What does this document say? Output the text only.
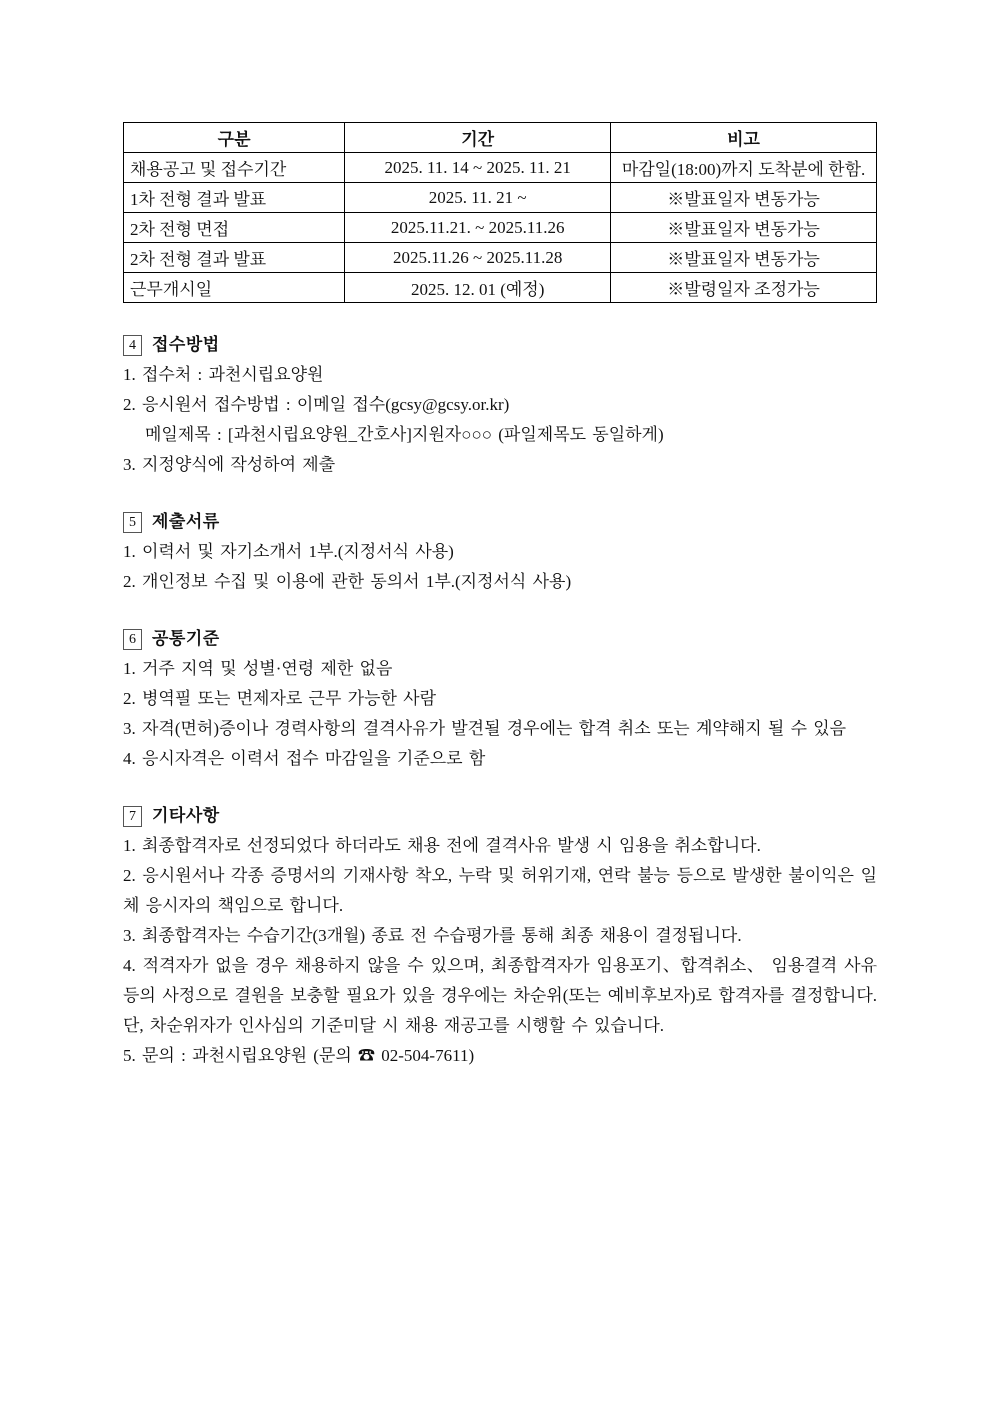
구분	기간	비고
채용공고 및 접수기간	2025. 11. 14 ~ 2025. 11. 21	마감일(18:00)까지 도착분에 한함.
1차 전형 결과 발표	2025. 11. 21 ~	※발표일자 변동가능
2차 전형 면접	2025.11.21. ~ 2025.11.26	※발표일자 변동가능
2차 전형 결과 발표	2025.11.26 ~ 2025.11.28	※발표일자 변동가능
근무개시일	2025. 12. 01 (예정)	※발령일자 조정가능
4 접수방법

1. 접수처 : 과천시립요양원

2. 응시원서 접수방법 : 이메일 접수(gcsy@gcsy.or.kr)

메일제목 : [과천시립요양원_간호사]지원자○○○ (파일제목도 동일하게)

3. 지정양식에 작성하여 제출

5 제출서류

1. 이력서 및 자기소개서 1부.(지정서식 사용)

2. 개인정보 수집 및 이용에 관한 동의서 1부.(지정서식 사용)

6 공통기준

1. 거주 지역 및 성별·연령 제한 없음

2. 병역필 또는 면제자로 근무 가능한 사람

3. 자격(면허)증이나 경력사항의 결격사유가 발견될 경우에는 합격 취소 또는 계약해지 될 수 있음

4. 응시자격은 이력서 접수 마감일을 기준으로 함

7 기타사항

1. 최종합격자로 선정되었다 하더라도 채용 전에 결격사유 발생 시 임용을 취소합니다.

2. 응시원서나 각종 증명서의 기재사항 착오, 누락 및 허위기재, 연락 불능 등으로 발생한 불이익은 일체 응시자의 책임으로 합니다.

3. 최종합격자는 수습기간(3개월) 종료 전 수습평가를 통해 최종 채용이 결정됩니다.

4. 적격자가 없을 경우 채용하지 않을 수 있으며, 최종합격자가 임용포기、합격취소、 임용결격 사유 등의 사정으로 결원을 보충할 필요가 있을 경우에는 차순위(또는 예비후보자)로 합격자를 결정합니다. 단, 차순위자가 인사심의 기준미달 시 채용 재공고를 시행할 수 있습니다.

5. 문의 : 과천시립요양원 (문의 ☎ 02-504-7611)
